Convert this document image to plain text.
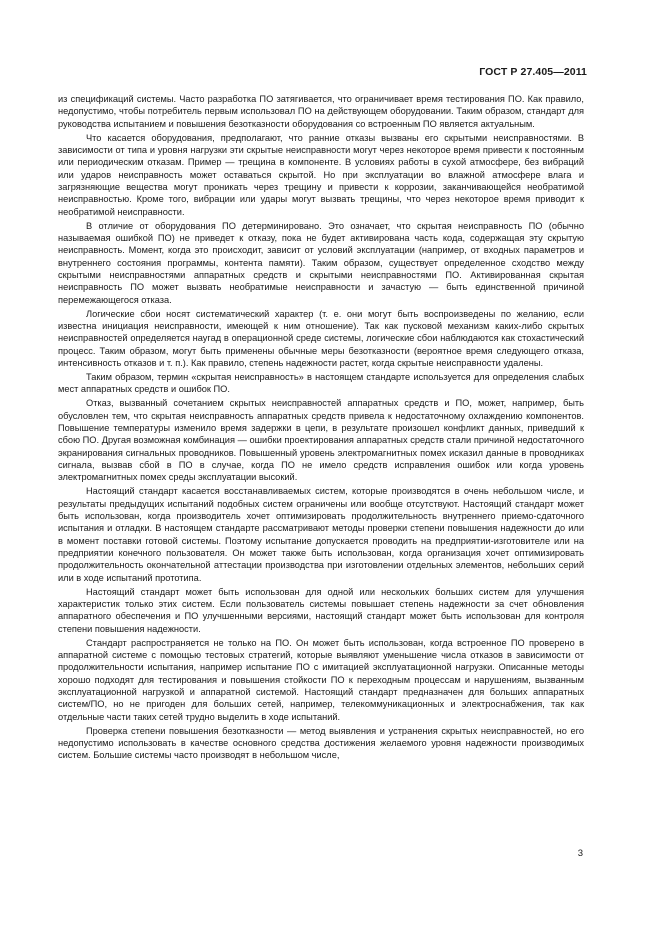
ГОСТ Р 27.405—2011

из спецификаций системы. Часто разработка ПО затягивается, что ограничивает время тестирования ПО. Как правило, недопустимо, чтобы потребитель первым использовал ПО на действующем оборудовании. Таким образом, стандарт для руководства испытанием и повышения безотказности оборудования со встроенным ПО является актуальным.

Что касается оборудования, предполагают, что ранние отказы вызваны его скрытыми неисправностями. В зависимости от типа и уровня нагрузки эти скрытые неисправности могут через некоторое время привести к постоянным или периодическим отказам. Пример — трещина в компоненте. В условиях работы в сухой атмосфере, без вибраций или ударов неисправность может оставаться скрытой. Но при эксплуатации во влажной атмосфере влага и загрязняющие вещества могут проникать через трещину и привести к коррозии, заканчивающейся необратимой неисправностью. Кроме того, вибрации или удары могут вызвать трещины, что через некоторое время приводит к необратимой неисправности.

В отличие от оборудования ПО детерминировано. Это означает, что скрытая неисправность ПО (обычно называемая ошибкой ПО) не приведет к отказу, пока не будет активирована часть кода, содержащая эту скрытую неисправность. Момент, когда это происходит, зависит от условий эксплуатации (например, от входных параметров и внутреннего состояния программы, контента памяти). Таким образом, существует определенное сходство между скрытыми неисправностями аппаратных средств и скрытыми неисправностями ПО. Активированная скрытая неисправность ПО может вызвать необратимые неисправности и зачастую — быть единственной причиной перемежающегося отказа.

Логические сбои носят систематический характер (т. е. они могут быть воспроизведены по желанию, если известна инициация неисправности, имеющей к ним отношение). Так как пусковой механизм каких-либо скрытых неисправностей определяется наугад в операционной среде системы, логические сбои наблюдаются как стохастический процесс. Таким образом, могут быть применены обычные меры безотказности (вероятное время следующего отказа, интенсивность отказов и т. п.). Как правило, степень надежности растет, когда скрытые неисправности удалены.

Таким образом, термин «скрытая неисправность» в настоящем стандарте используется для определения слабых мест аппаратных средств и ошибок ПО.

Отказ, вызванный сочетанием скрытых неисправностей аппаратных средств и ПО, может, например, быть обусловлен тем, что скрытая неисправность аппаратных средств привела к недостаточному охлаждению компонентов. Повышение температуры изменило время задержки в цепи, в результате произошел конфликт данных, приведший к сбою ПО. Другая возможная комбинация — ошибки проектирования аппаратных средств стали причиной недостаточного экранирования сигнальных проводников. Повышенный уровень электромагнитных помех исказил данные в проводниках сигнала, вызвав сбой в ПО в случае, когда ПО не имело средств исправления ошибок или когда уровень электромагнитных помех среды эксплуатации высокий.

Настоящий стандарт касается восстанавливаемых систем, которые производятся в очень небольшом числе, и результаты предыдущих испытаний подобных систем ограничены или вообще отсутствуют. Настоящий стандарт может быть использован, когда производитель хочет оптимизировать продолжительность внутреннего приемо-сдаточного испытания и отладки. В настоящем стандарте рассматривают методы проверки степени повышения надежности до или в момент поставки готовой системы. Поэтому испытание допускается проводить на предприятии-изготовителе или на предприятии конечного пользователя. Он может также быть использован, когда организация хочет оптимизировать продолжительность окончательной аттестации производства при изготовлении отдельных элементов, небольших серий или в ходе испытаний прототипа.

Настоящий стандарт может быть использован для одной или нескольких больших систем для улучшения характеристик только этих систем. Если пользователь системы повышает степень надежности за счет обновления аппаратного обеспечения и ПО улучшенными версиями, настоящий стандарт может быть использован для контроля степени повышения надежности.

Стандарт распространяется не только на ПО. Он может быть использован, когда встроенное ПО проверено в аппаратной системе с помощью тестовых стратегий, которые выявляют уменьшение числа отказов в зависимости от продолжительности испытания, например испытание ПО с имитацией эксплуатационной нагрузки. Описанные методы хорошо подходят для тестирования и повышения стойкости ПО к переходным процессам и нарушениям, вызванным эксплуатационной нагрузкой и аппаратной системой. Настоящий стандарт предназначен для больших аппаратных систем/ПО, но не пригоден для больших сетей, например, телекоммуникационных и электроснабжения, так как отдельные части таких сетей трудно выделить в ходе испытаний.

Проверка степени повышения безотказности — метод выявления и устранения скрытых неисправностей, но его недопустимо использовать в качестве основного средства достижения желаемого уровня надежности производимых систем. Большие системы часто производят в небольшом числе,

3
